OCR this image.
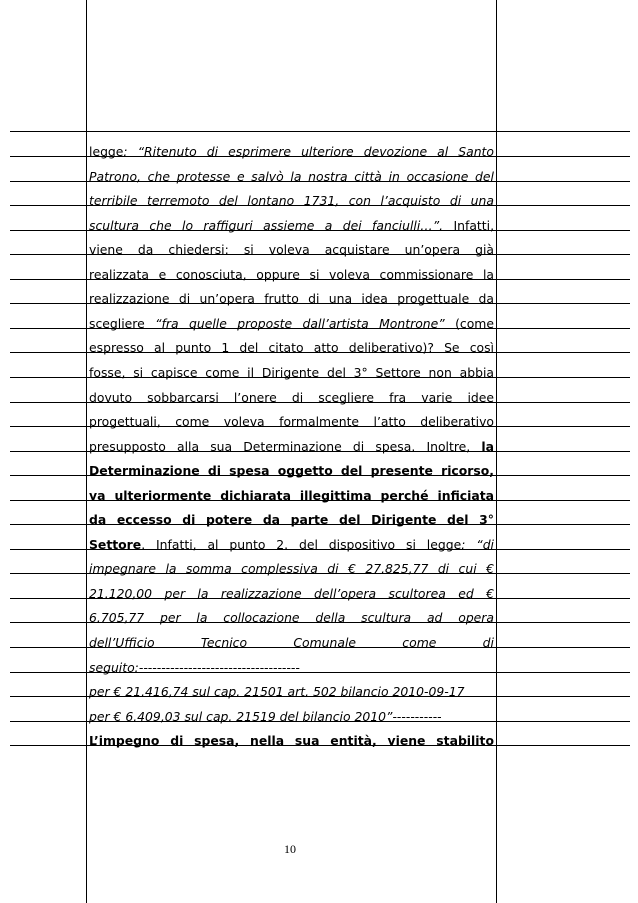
legge: “Ritenuto di esprimere ulteriore devozione al Santo
Patrono, che protesse e salvò la nostra città in occasione del
terribile terremoto del lontano 1731, con l’acquisto di una
scultura che lo raffiguri assieme a dei fanciulli…”. Infatti,
viene da chiedersi: si voleva acquistare un’opera già
realizzata e conosciuta, oppure si voleva commissionare la
realizzazione di un’opera frutto di una idea progettuale da
scegliere “fra quelle proposte dall’artista Montrone” (come
espresso al punto 1 del citato atto deliberativo)? Se così
fosse, si capisce come il Dirigente del 3° Settore non abbia
dovuto sobbarcarsi l’onere di scegliere fra varie idee
progettuali, come voleva formalmente l’atto deliberativo
presupposto alla sua Determinazione di spesa. Inoltre, la
Determinazione di spesa oggetto del presente ricorso,
va ulteriormente dichiarata illegittima perché inficiata
da eccesso di potere da parte del Dirigente del 3°
Settore. Infatti, al punto 2. del dispositivo si legge: “di
impegnare la somma complessiva di € 27.825,77 di cui €
21.120,00 per la realizzazione dell’opera scultorea ed €
6.705,77 per la collocazione della scultura ad opera
dell’Ufficio Tecnico Comunale come di
seguito:------------------------------------
per € 21.416,74 sul cap. 21501 art. 502 bilancio 2010-09-17
per € 6.409,03 sul cap. 21519 del bilancio 2010”-----------
L’impegno di spesa, nella sua entità, viene stabilito
10
